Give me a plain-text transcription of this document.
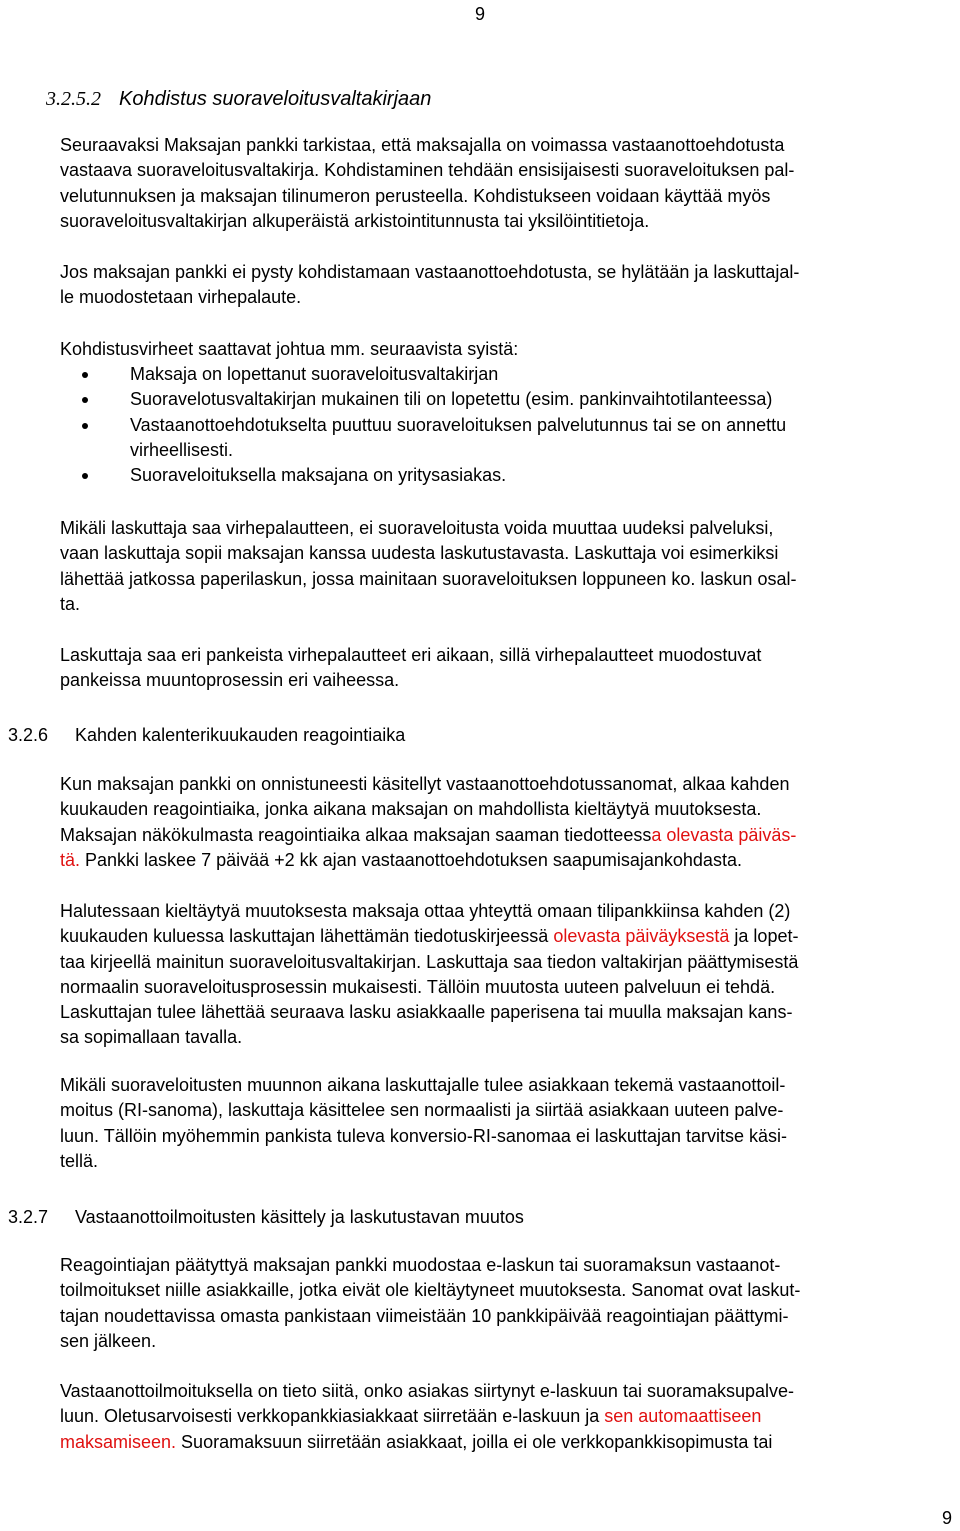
9
3.2.5.2 Kohdistus suoraveloitusvaltakirjaan
Seuraavaksi Maksajan pankki tarkistaa, että maksajalla on voimassa vastaanottoehdotusta
vastaava suoraveloitusvaltakirja. Kohdistaminen tehdään ensisijaisesti suoraveloituksen pal-
velutunnuksen ja maksajan tilinumeron perusteella. Kohdistukseen voidaan käyttää myös
suoraveloitusvaltakirjan alkuperäistä arkistointitunnusta tai yksilöintitietoja.
Jos maksajan pankki ei pysty kohdistamaan vastaanottoehdotusta, se hylätään ja laskuttajal-
le muodostetaan virhepalaute.
Kohdistusvirheet saattavat johtua mm. seuraavista syistä:
Maksaja on lopettanut suoraveloitusvaltakirjan
Suoravelotusvaltakirjan mukainen tili on lopetettu (esim. pankinvaihtotilanteessa)
Vastaanottoehdotukselta puuttuu suoraveloituksen palvelutunnus tai se on annettu
virheellisesti.
Suoraveloituksella maksajana on yritysasiakas.
Mikäli laskuttaja saa virhepalautteen, ei suoraveloitusta voida muuttaa uudeksi palveluksi,
vaan laskuttaja sopii maksajan kanssa uudesta laskutustavasta. Laskuttaja voi esimerkiksi
lähettää jatkossa paperilaskun, jossa mainitaan suoraveloituksen loppuneen ko. laskun osal-
ta.
Laskuttaja saa eri pankeista virhepalautteet eri aikaan, sillä virhepalautteet muodostuvat
pankeissa muuntoprosessin eri vaiheessa.
3.2.6 Kahden kalenterikuukauden reagointiaika
Kun maksajan pankki on onnistuneesti käsitellyt vastaanottoehdotussanomat, alkaa kahden
kuukauden reagointiaika, jonka aikana maksajan on mahdollista kieltäytyä muutoksesta.
Maksajan näkökulmasta reagointiaika alkaa maksajan saaman tiedotteessa olevasta päiväs-
tä. Pankki laskee 7 päivää +2 kk ajan vastaanottoehdotuksen saapumisajankohdasta.
Halutessaan kieltäytyä muutoksesta maksaja ottaa yhteyttä omaan tilipankkiinsa kahden (2)
kuukauden kuluessa laskuttajan lähettämän tiedotuskirjeessä olevasta päiväyksestä ja lopet-
taa kirjeellä mainitun suoraveloitusvaltakirjan. Laskuttaja saa tiedon valtakirjan päättymisestä
normaalin suoraveloitusprosessin mukaisesti. Tällöin muutosta uuteen palveluun ei tehdä.
Laskuttajan tulee lähettää seuraava lasku asiakkaalle paperisena tai muulla maksajan kans-
sa sopimallaan tavalla.
Mikäli suoraveloitusten muunnon aikana laskuttajalle tulee asiakkaan tekemä vastaanottoil-
moitus (RI-sanoma), laskuttaja käsittelee sen normaalisti ja siirtää asiakkaan uuteen palve-
luun. Tällöin myöhemmin pankista tuleva konversio-RI-sanomaa ei laskuttajan tarvitse käsi-
tellä.
3.2.7 Vastaanottoilmoitusten käsittely ja laskutustavan muutos
Reagointiajan päätyttyä maksajan pankki muodostaa e-laskun tai suoramaksun vastaanot-
toilmoitukset niille asiakkaille, jotka eivät ole kieltäytyneet muutoksesta. Sanomat ovat laskut-
tajan noudettavissa omasta pankistaan viimeistään 10 pankkipäivää reagointiajan päättymi-
sen jälkeen.
Vastaanottoilmoituksella on tieto siitä, onko asiakas siirtynyt e-laskuun tai suoramaksupalve-
luun. Oletusarvoisesti verkkopankkiasiakkaat siirretään e-laskuun ja sen automaattiseen
maksamiseen. Suoramaksuun siirretään asiakkaat, joilla ei ole verkkopankkisopimusta tai
9
